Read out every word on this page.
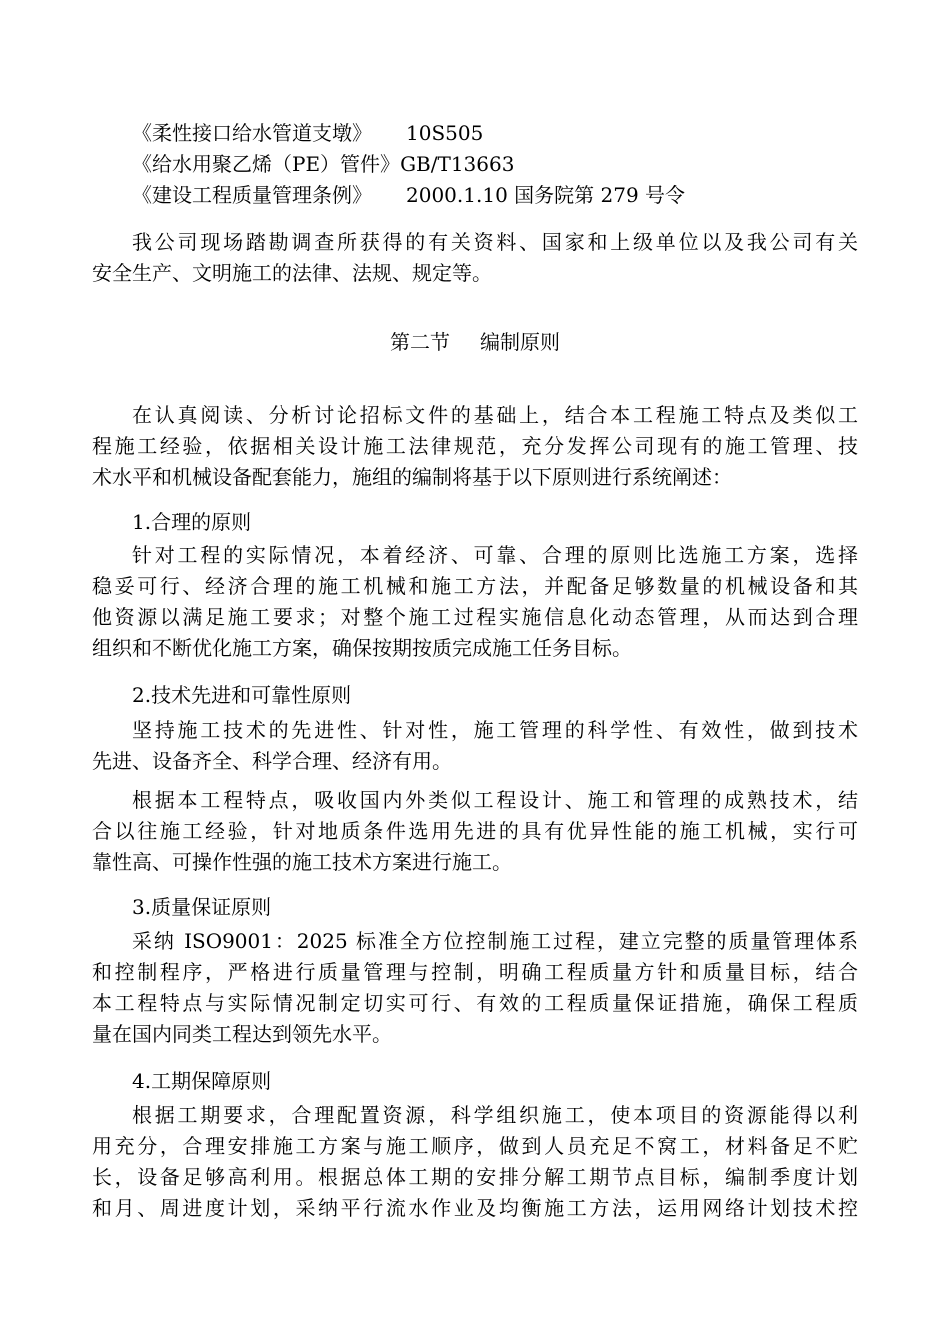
《柔性接口给水管道支墩》 10S505
《给水用聚乙烯（PE）管件》GB/T13663
《建设工程质量管理条例》 2000.1.10 国务院第 279 号令
我公司现场踏勘调查所获得的有关资料、国家和上级单位以及我公司有关
安全生产、文明施工的法律、法规、规定等。
第二节 编制原则
在认真阅读、分析讨论招标文件的基础上，结合本工程施工特点及类似工
程施工经验，依据相关设计施工法律规范，充分发挥公司现有的施工管理、技
术水平和机械设备配套能力，施组的编制将基于以下原则进行系统阐述：
1.合理的原则
针对工程的实际情况，本着经济、可靠、合理的原则比选施工方案，选择
稳妥可行、经济合理的施工机械和施工方法，并配备足够数量的机械设备和其
他资源以满足施工要求；对整个施工过程实施信息化动态管理，从而达到合理
组织和不断优化施工方案，确保按期按质完成施工任务目标。
2.技术先进和可靠性原则
坚持施工技术的先进性、针对性，施工管理的科学性、有效性，做到技术
先进、设备齐全、科学合理、经济有用。
根据本工程特点，吸收国内外类似工程设计、施工和管理的成熟技术，结
合以往施工经验，针对地质条件选用先进的具有优异性能的施工机械，实行可
靠性高、可操作性强的施工技术方案进行施工。
3.质量保证原则
采纳 ISO9001：2025 标准全方位控制施工过程，建立完整的质量管理体系
和控制程序，严格进行质量管理与控制，明确工程质量方针和质量目标，结合
本工程特点与实际情况制定切实可行、有效的工程质量保证措施，确保工程质
量在国内同类工程达到领先水平。
4.工期保障原则
根据工期要求，合理配置资源，科学组织施工，使本项目的资源能得以利
用充分，合理安排施工方案与施工顺序，做到人员充足不窝工，材料备足不贮
长，设备足够高利用。根据总体工期的安排分解工期节点目标，编制季度计划
和月、周进度计划，采纳平行流水作业及均衡施工方法，运用网络计划技术控
